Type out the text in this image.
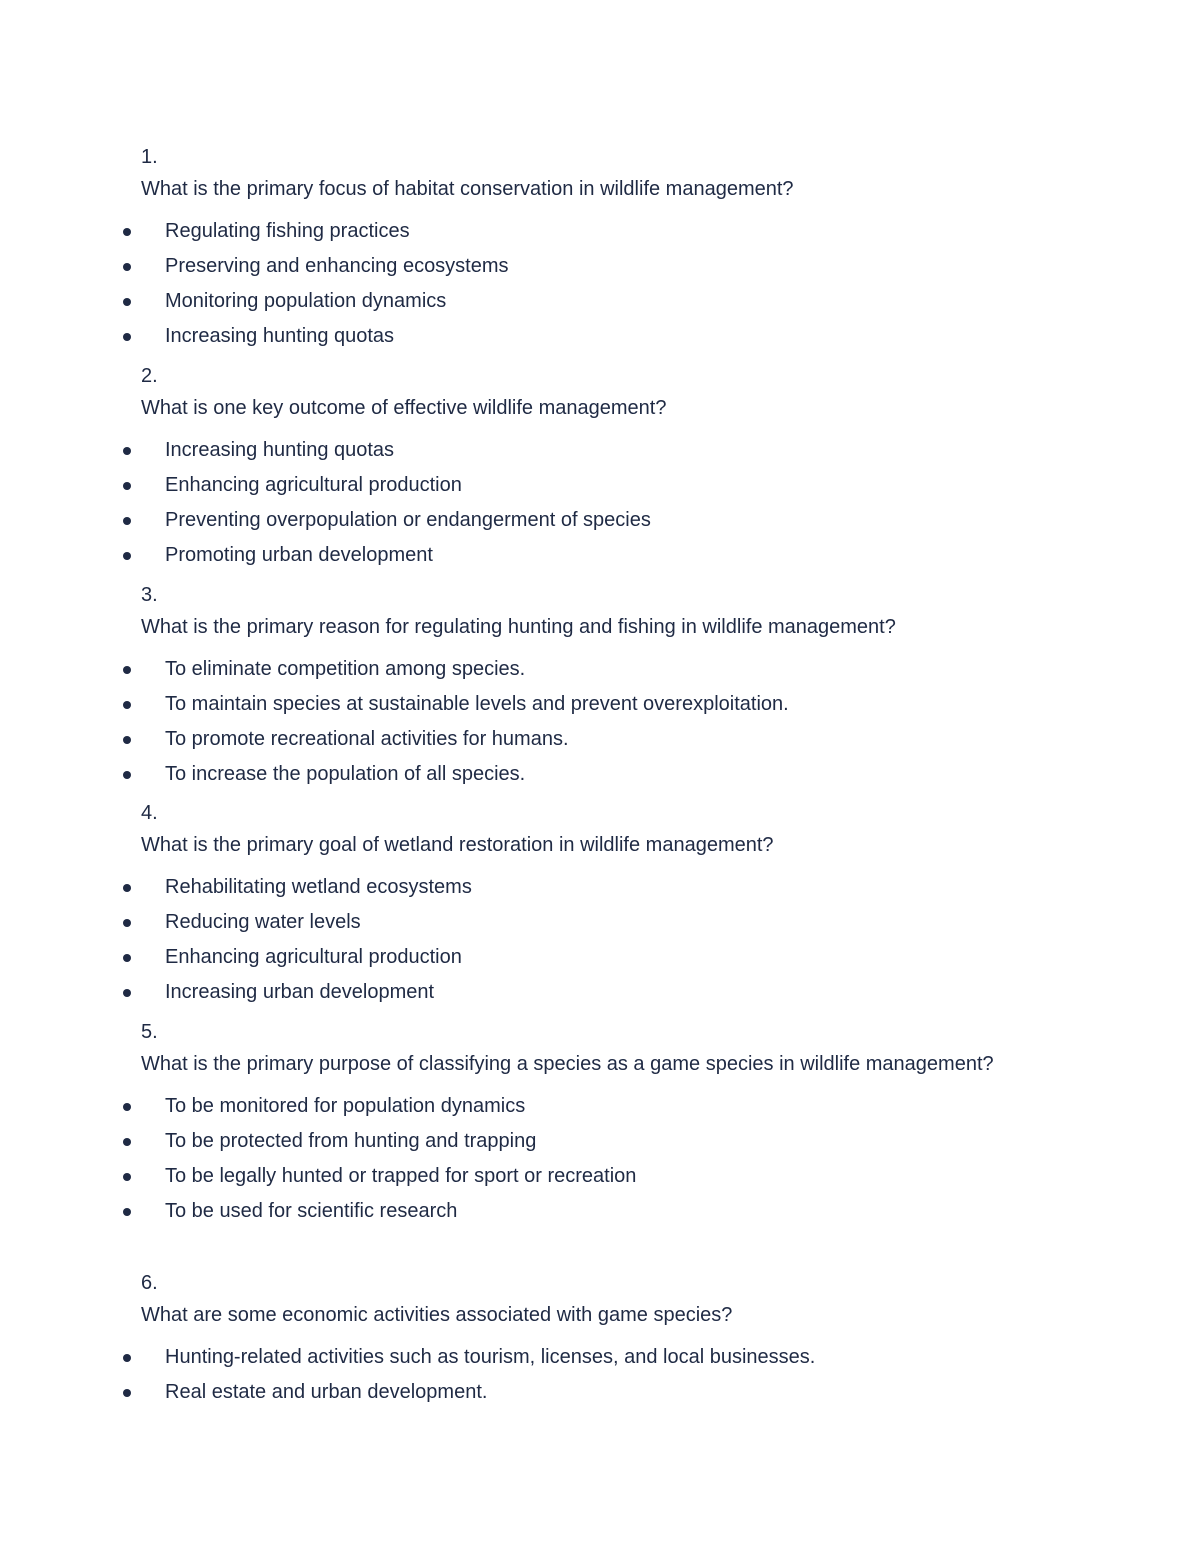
1.
What is the primary focus of habitat conservation in wildlife management?
Regulating fishing practices
Preserving and enhancing ecosystems
Monitoring population dynamics
Increasing hunting quotas
2.
What is one key outcome of effective wildlife management?
Increasing hunting quotas
Enhancing agricultural production
Preventing overpopulation or endangerment of species
Promoting urban development
3.
What is the primary reason for regulating hunting and fishing in wildlife management?
To eliminate competition among species.
To maintain species at sustainable levels and prevent overexploitation.
To promote recreational activities for humans.
To increase the population of all species.
4.
What is the primary goal of wetland restoration in wildlife management?
Rehabilitating wetland ecosystems
Reducing water levels
Enhancing agricultural production
Increasing urban development
5.
What is the primary purpose of classifying a species as a game species in wildlife management?
To be monitored for population dynamics
To be protected from hunting and trapping
To be legally hunted or trapped for sport or recreation
To be used for scientific research
6.
What are some economic activities associated with game species?
Hunting-related activities such as tourism, licenses, and local businesses.
Real estate and urban development.
